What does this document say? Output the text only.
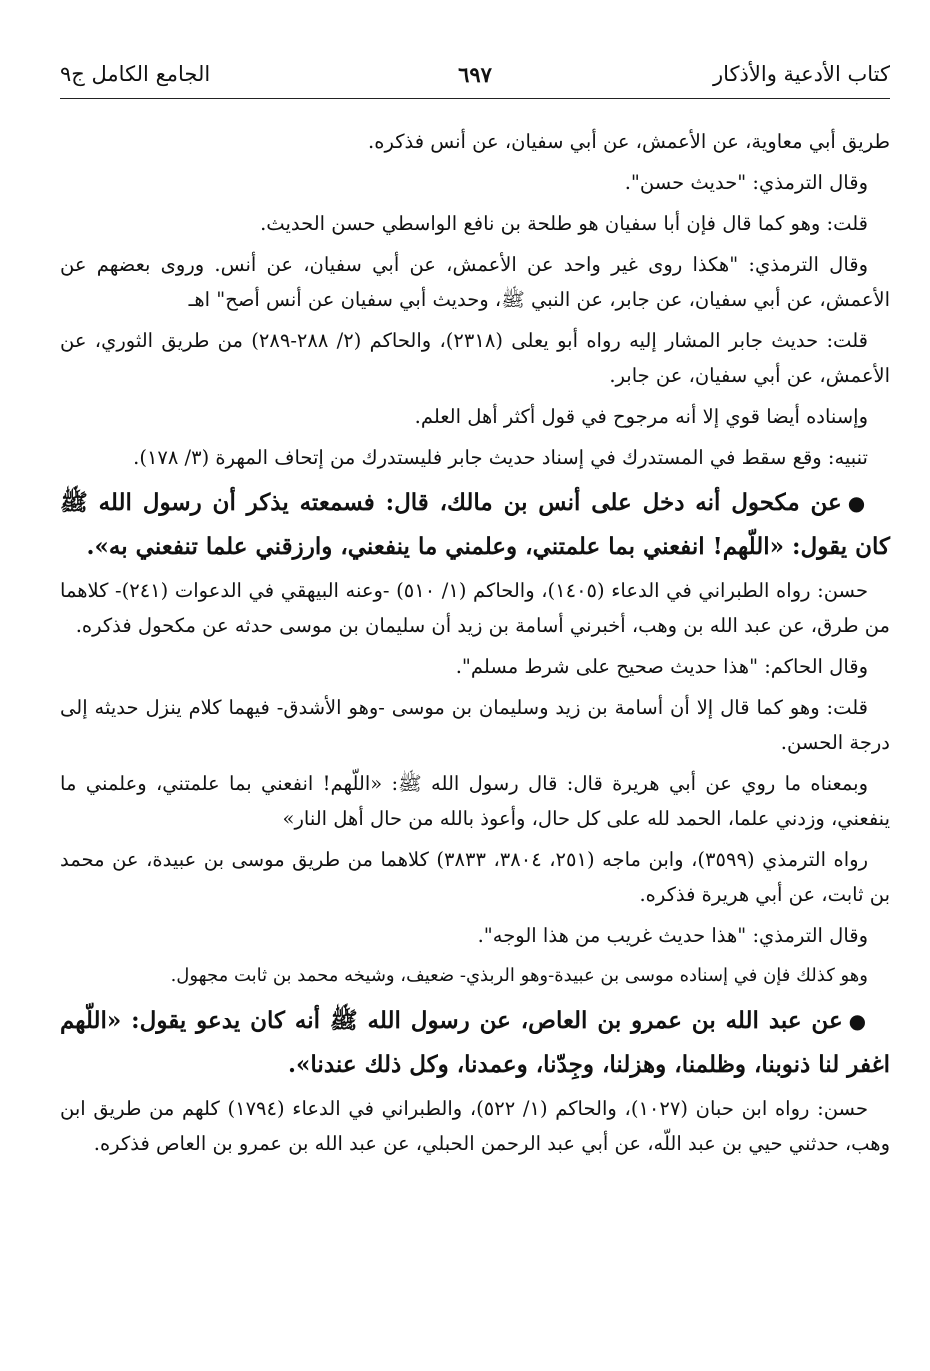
كتاب الأدعية والأذكار
٦٩٧
الجامع الكامل ج٩

طريق أبي معاوية، عن الأعمش، عن أبي سفيان، عن أنس فذكره.

وقال الترمذي: "حديث حسن".

قلت: وهو كما قال فإن أبا سفيان هو طلحة بن نافع الواسطي حسن الحديث.

وقال الترمذي: "هكذا روى غير واحد عن الأعمش، عن أبي سفيان، عن أنس. وروى بعضهم عن الأعمش، عن أبي سفيان، عن جابر، عن النبي ﷺ، وحديث أبي سفيان عن أنس أصح" اهـ

قلت: حديث جابر المشار إليه رواه أبو يعلى (٢٣١٨)، والحاكم (٢/ ٢٨٨-٢٨٩) من طريق الثوري، عن الأعمش، عن أبي سفيان، عن جابر.

وإسناده أيضا قوي إلا أنه مرجوح في قول أكثر أهل العلم.

تنبيه: وقع سقط في المستدرك في إسناد حديث جابر فليستدرك من إتحاف المهرة (٣/ ١٧٨).

●عن مكحول أنه دخل على أنس بن مالك، قال: فسمعته يذكر أن رسول الله ﷺ كان يقول: «اللّهم! انفعني بما علمتني، وعلمني ما ينفعني، وارزقني علما تنفعني به».

حسن: رواه الطبراني في الدعاء (١٤٠٥)، والحاكم (١/ ٥١٠) -وعنه البيهقي في الدعوات (٢٤١)- كلاهما من طرق، عن عبد الله بن وهب، أخبرني أسامة بن زيد أن سليمان بن موسى حدثه عن مكحول فذكره.

وقال الحاكم: "هذا حديث صحيح على شرط مسلم".

قلت: وهو كما قال إلا أن أسامة بن زيد وسليمان بن موسى -وهو الأشدق- فيهما كلام ينزل حديثه إلى درجة الحسن.

وبمعناه ما روي عن أبي هريرة قال: قال رسول الله ﷺ: «اللّهم! انفعني بما علمتني، وعلمني ما ينفعني، وزدني علما، الحمد لله على كل حال، وأعوذ بالله من حال أهل النار»

رواه الترمذي (٣٥٩٩)، وابن ماجه (٢٥١، ٣٨٠٤، ٣٨٣٣) كلاهما من طريق موسى بن عبيدة، عن محمد بن ثابت، عن أبي هريرة فذكره.

وقال الترمذي: "هذا حديث غريب من هذا الوجه".

وهو كذلك فإن في إسناده موسى بن عبيدة-وهو الربذي- ضعيف، وشيخه محمد بن ثابت مجهول.

●عن عبد الله بن عمرو بن العاص، عن رسول الله ﷺ أنه كان يدعو يقول: «اللّهم اغفر لنا ذنوبنا، وظلمنا، وهزلنا، وجِدّنا، وعمدنا، وكل ذلك عندنا».

حسن: رواه ابن حبان (١٠٢٧)، والحاكم (١/ ٥٢٢)، والطبراني في الدعاء (١٧٩٤) كلهم من طريق ابن وهب، حدثني حيي بن عبد اللّه، عن أبي عبد الرحمن الحبلي، عن عبد الله بن عمرو بن العاص فذكره.
